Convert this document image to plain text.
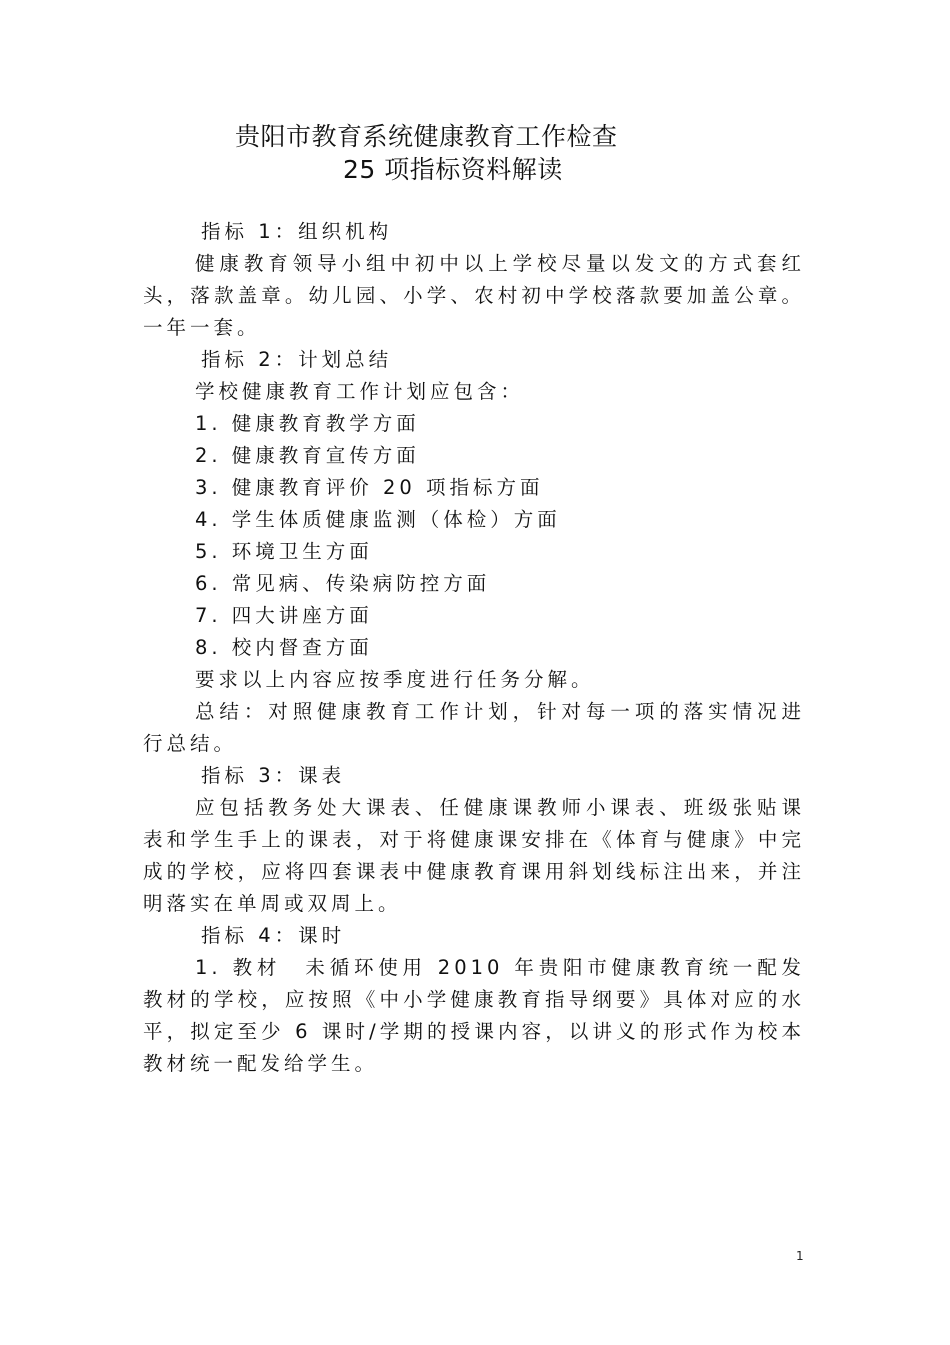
贵阳市教育系统健康教育工作检查
25 项指标资料解读

指标 1：组织机构

健康教育领导小组中初中以上学校尽量以发文的方式套红头，落款盖章。幼儿园、小学、农村初中学校落款要加盖公章。一年一套。

指标 2：计划总结

学校健康教育工作计划应包含：

1. 健康教育教学方面

2. 健康教育宣传方面

3. 健康教育评价 20 项指标方面

4. 学生体质健康监测（体检）方面

5. 环境卫生方面

6. 常见病、传染病防控方面

7. 四大讲座方面

8. 校内督查方面

要求以上内容应按季度进行任务分解。

总结：对照健康教育工作计划，针对每一项的落实情况进行总结。

指标 3：课表

应包括教务处大课表、任健康课教师小课表、班级张贴课表和学生手上的课表，对于将健康课安排在《体育与健康》中完成的学校，应将四套课表中健康教育课用斜划线标注出来，并注明落实在单周或双周上。

指标 4：课时

1. 教材　未循环使用 2010 年贵阳市健康教育统一配发教材的学校，应按照《中小学健康教育指导纲要》具体对应的水平，拟定至少 6 课时/学期的授课内容，以讲义的形式作为校本教材统一配发给学生。

1
